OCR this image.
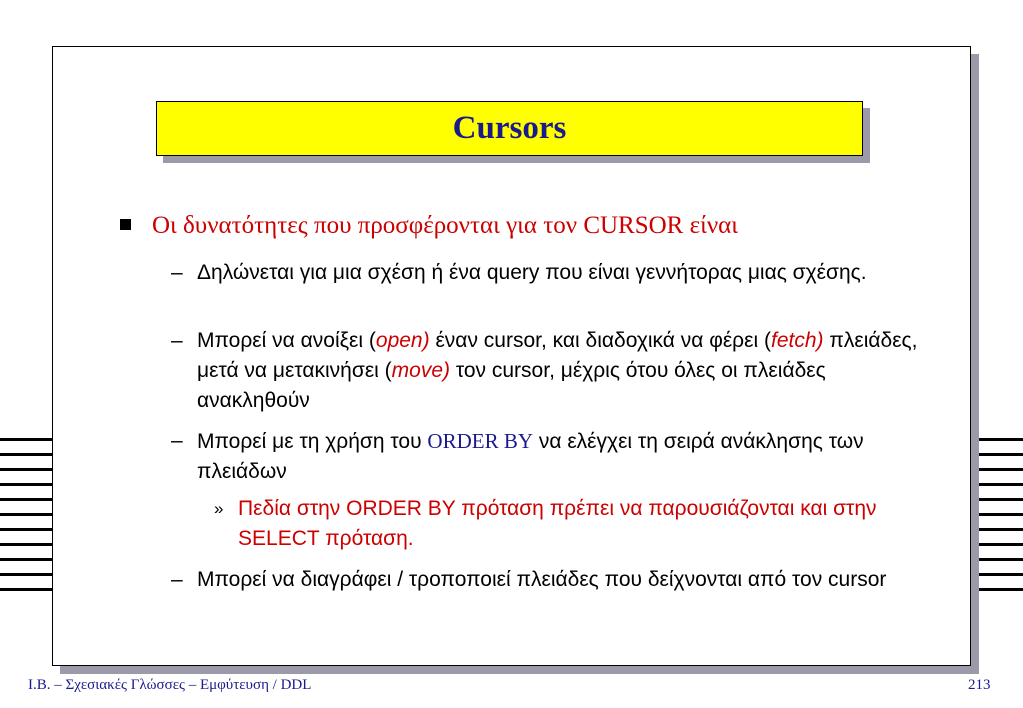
Cursors
Οι δυνατότητες που προσφέρονται για τον CURSOR είναι
– Δηλώνεται για μια σχέση ή ένα query που είναι γεννήτορας μιας σχέσης.
– Μπορεί να ανοίξει (open) έναν cursor, και διαδοχικά να φέρει (fetch) πλειάδες, μετά να μετακινήσει (move) τον cursor, μέχρις ότου όλες οι πλειάδες ανακληθούν
– Μπορεί με τη χρήση του ORDER BY να ελέγχει τη σειρά ανάκλησης των πλειάδων
» Πεδία στην ORDER BY πρόταση πρέπει να παρουσιάζονται και στην SELECT πρόταση.
– Μπορεί να διαγράφει / τροποποιεί πλειάδες που δείχνονται από τον cursor
Ι.Β. – Σχεσιακές Γλώσσες – Εμφύτευση / DDL	213
